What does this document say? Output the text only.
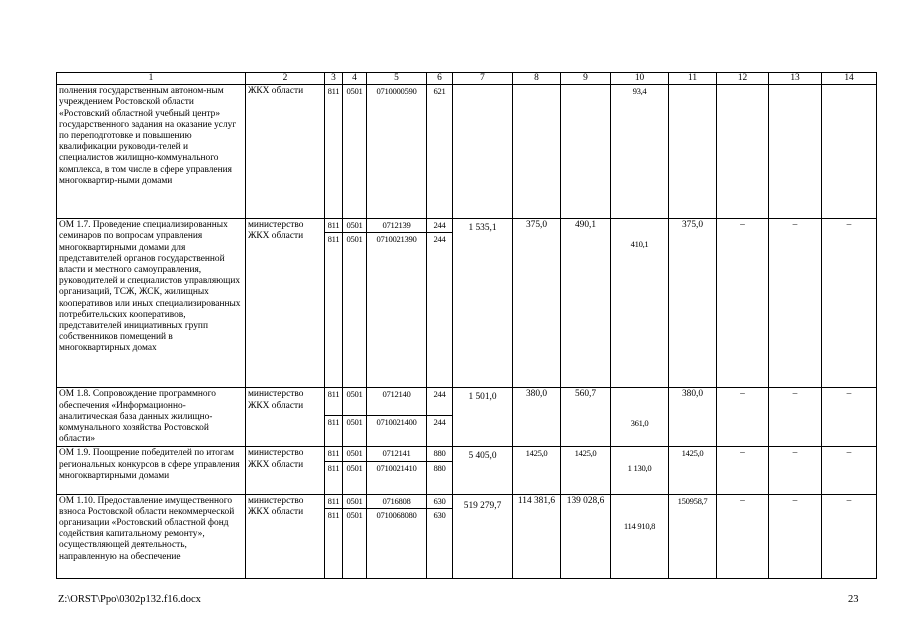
1	2	3	4	5	6	7	8	9	10	11	12	13	14
полнения государственным автоном-ным учреждением Ростовской области «Ростовский областной учебный центр» государственного задания на оказание услуг по переподготовке и повышению квалификации руководи-телей и специалистов жилищно-коммунального комплекса, в том числе в сфере управления многоквартир-ными домами	ЖКХ области	811	0501	0710000590	621				93,4				
ОМ 1.7. Проведение специализированных семинаров по вопросам управления многоквартирными домами для представителей органов государственной власти и местного самоуправления, руководителей и специалистов управляющих организаций, ТСЖ, ЖСК, жилищных кооперативов или иных специализированных потребительских кооперативов, представителей инициативных групп собственников помещений в многоквартирных домах	министерство ЖКХ области	811	0501	0712139	244	1 535,1	375,0	490,1	410,1	375,0	–	–	–
		811	0501	0710021390	244								
ОМ 1.8. Сопровождение программного обеспечения «Информационно-аналитическая база данных жилищно-коммунального хозяйства Ростовской области»	министерство ЖКХ области	811	0501	0712140	244	1 501,0	380,0	560,7	361,0	380,0	–	–	–
		811	0501	0710021400	244								
ОМ 1.9. Поощрение победителей по итогам региональных конкурсов в сфере управления многоквартирными домами	министерство ЖКХ области	811	0501	0712141	880	5 405,0	1425,0	1425,0	1 130,0	1425,0	–	–	–
		811	0501	0710021410	880								
ОМ 1.10. Предоставление имущественного взноса Ростовской области некоммерческой организации «Ростовский областной фонд содействия капитальному ремонту», осуществляющей деятельность, направленную на обеспечение	министерство ЖКХ области	811	0501	0716808	630	519 279,7	114 381,6	139 028,6	114 910,8	150958,7	–	–	–
		811	0501	0710068080	630								
Z:\ORST\Ppo\0302p132.f16.docx	23
